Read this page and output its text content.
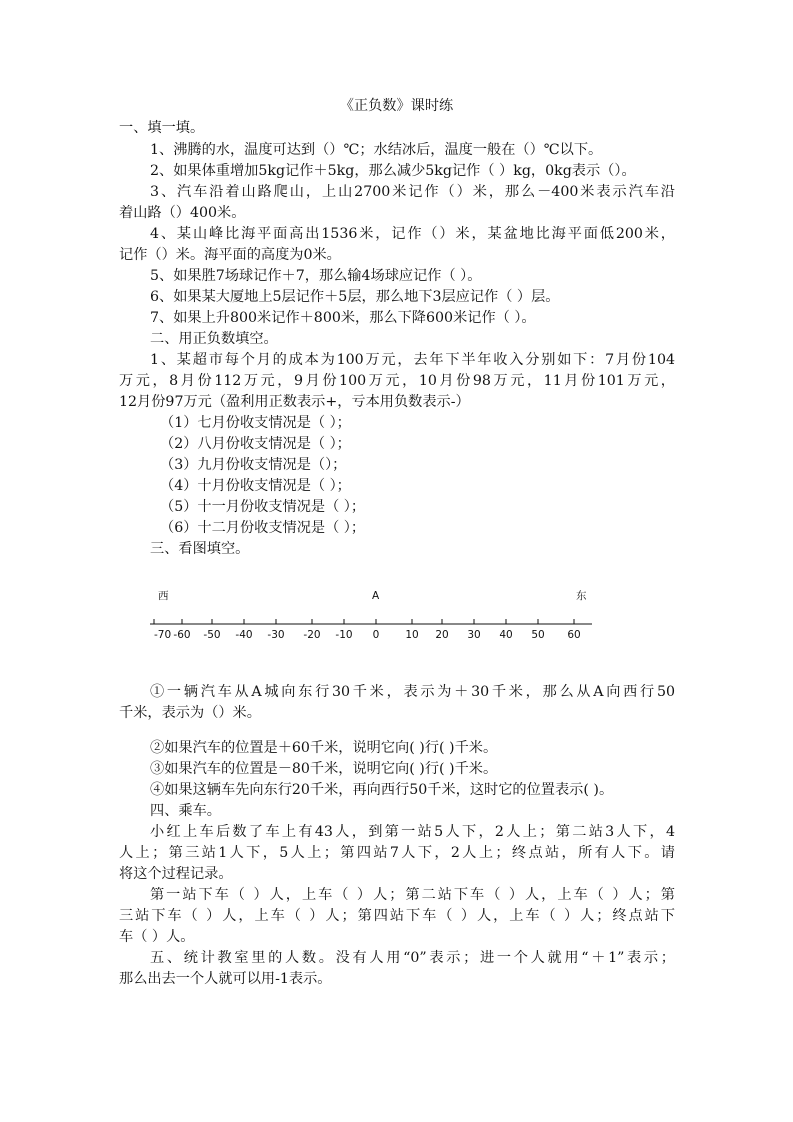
《正负数》课时练
一、填一填。
1、沸腾的水，温度可达到（）℃；水结冰后，温度一般在（）℃以下。
2、如果体重增加5kg记作＋5kg，那么减少5kg记作（ ）kg，0kg表示（）。
3、汽车沿着山路爬山，上山2700米记作（）米，那么－400米表示汽车沿
着山路（）400米。
4、某山峰比海平面高出1536米，记作（）米，某盆地比海平面低200米，
记作（）米。海平面的高度为0米。
5、如果胜7场球记作＋7，那么输4场球应记作（ ）。
6、如果某大厦地上5层记作＋5层，那么地下3层应记作（ ）层。
7、如果上升800米记作＋800米，那么下降600米记作（ ）。
二、用正负数填空。
1、某超市每个月的成本为100万元，去年下半年收入分别如下：7月份104
万元，8月份112万元，9月份100万元，10月份98万元，11月份101万元，
12月份97万元（盈利用正数表示+，亏本用负数表示-）
（1）七月份收支情况是（ ）；
（2）八月份收支情况是（ ）；
（3）九月份收支情况是（）；
（4）十月份收支情况是（ ）；
（5）十一月份收支情况是（ ）；
（6）十二月份收支情况是（ ）；
三、看图填空。
西	A	东
-70 -60 -50 -40 -30 -20 -10 0 10 20 30 40 50 60
①一辆汽车从A城向东行30千米，表示为＋30千米，那么从A向西行50
千米，表示为（）米。
②如果汽车的位置是＋60千米，说明它向( )行( )千米。
③如果汽车的位置是－80千米，说明它向( )行( )千米。
④如果这辆车先向东行20千米，再向西行50千米，这时它的位置表示( )。
四、乘车。
小红上车后数了车上有43人，到第一站5人下，2人上；第二站3人下，4
人上；第三站1人下，5人上；第四站7人下，2人上；终点站，所有人下。请
将这个过程记录。
第一站下车（ ）人，上车（ ）人；第二站下车（ ）人，上车（ ）人；第
三站下车（ ）人，上车（ ）人；第四站下车（ ）人，上车（ ）人；终点站下
车（ ）人。
五、统计教室里的人数。没有人用“0”表示；进一个人就用“＋1”表示；
那么出去一个人就可以用-1表示。
